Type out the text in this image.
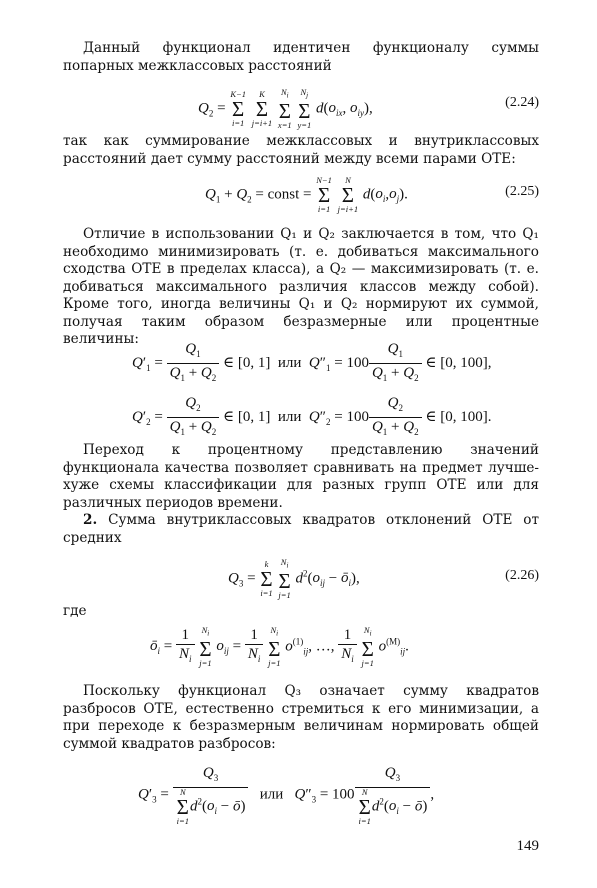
Данный функционал идентичен функционалу суммы попарных межклассовых расстояний

$Q_2$ =
K−1
Σ
i=1

K
Σ
j=i+1

$N_i$
Σ
x=1

$N_j$
Σ
y=1
$d(o_{ix}$, $o_{iy}$),	(2.24)

так как суммирование межклассовых и внутриклассовых расстояний дает сумму расстояний между всеми парами ОТЕ:

$Q_1 + Q_2$ = const =
N−1
Σ
i=1

N
Σ
j=i+1
$d(o_i,o_j)$.	(2.25)

Отличие в использовании Q₁ и Q₂ заключается в том, что Q₁ необходимо минимизировать (т. е. добиваться максимального сходства ОТЕ в пределах класса), а Q₂ — максимизировать (т. е. добиваться максимального различия классов между собой). Кроме того, иногда величины Q₁ и Q₂ нормируют их суммой, получая таким образом безразмерные или процентные величины:

$Q'_1 = \frac{Q_1}{Q_1 + Q_2}$ ∈ [0, 1] или $Q''_1 = 100 \frac{Q_1}{Q_1 + Q_2}$ ∈ [0, 100],
$Q'_2 = \frac{Q_2}{Q_1 + Q_2}$ ∈ [0, 1] или $Q''_2 = 100 \frac{Q_2}{Q_1 + Q_2}$ ∈ [0, 100].

Переход к процентному представлению значений функционала качества позволяет сравнивать на предмет лучше-хуже схемы классификации для разных групп ОТЕ или для различных периодов времени.

2. Сумма внутриклассовых квадратов отклонений ОТЕ от средних

$Q_3$ =
k
Σ
i=1

$N_i$
Σ
j=1
$d^2(o_{ij}$ − $ō_i$),	(2.26)

где

$ō_i = \frac{1}{N_i}$
$N_i$
Σ
j=1
$o_{ij} = \frac{1}{N_i}$
$N_i$
Σ
j=1
$o^{(1)}_{ij}$, …, $\frac{1}{N_i}$
$N_i$
Σ
j=1
$o^{(M)}_{ij}$.

Поскольку функционал Q₃ означает сумму квадратов разбросов ОТЕ, естественно стремиться к его минимизации, а при переходе к безразмерным величинам нормировать общей суммой квадратов разбросов:

$Q'_3 = Q_3$
N
Σ
i=1
$d^2(o_i$ − ō) или $Q''_3 = 100$ $Q_3$
N
Σ
i=1
$d^2(o_i$ − ō) ,
149
